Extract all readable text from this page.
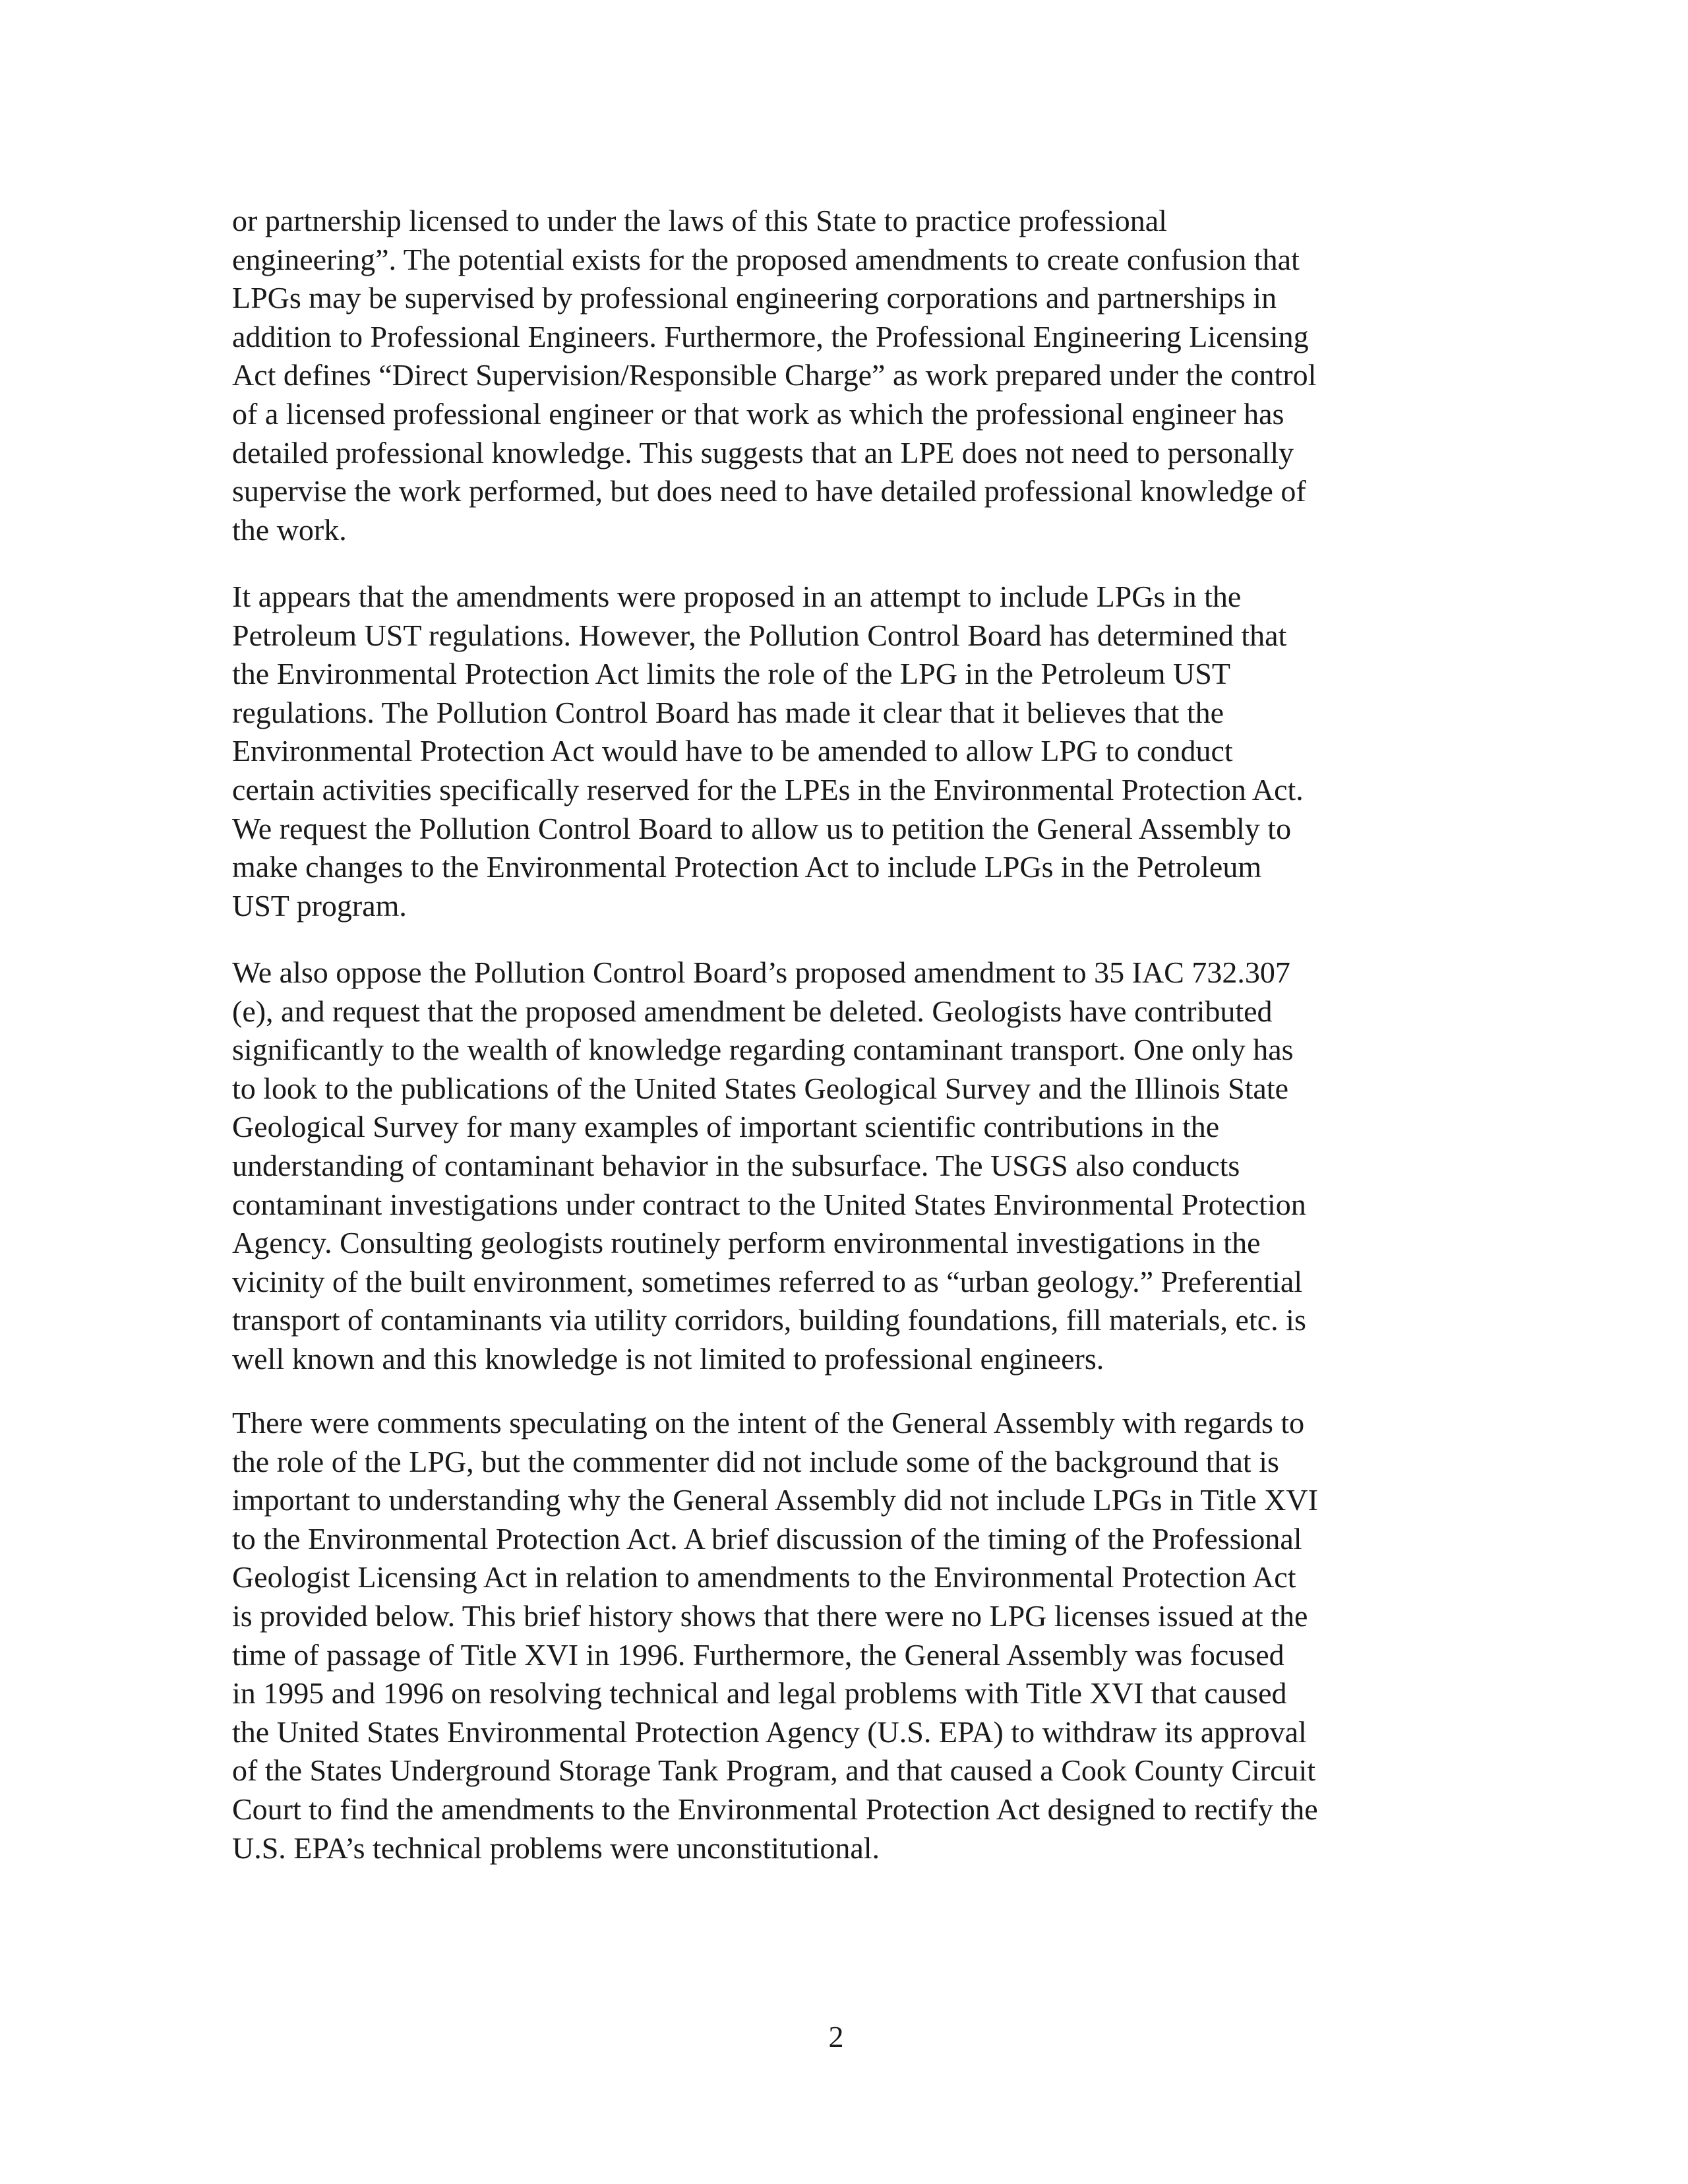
or partnership licensed to under the laws of this State to practice professional
engineering”. The potential exists for the proposed amendments to create confusion that
LPGs may be supervised by professional engineering corporations and partnerships in
addition to Professional Engineers. Furthermore, the Professional Engineering Licensing
Act defines “Direct Supervision/Responsible Charge” as work prepared under the control
of a licensed professional engineer or that work as which the professional engineer has
detailed professional knowledge. This suggests that an LPE does not need to personally
supervise the work performed, but does need to have detailed professional knowledge of
the work.
It appears that the amendments were proposed in an attempt to include LPGs in the
Petroleum UST regulations. However, the Pollution Control Board has determined that
the Environmental Protection Act limits the role of the LPG in the Petroleum UST
regulations. The Pollution Control Board has made it clear that it believes that the
Environmental Protection Act would have to be amended to allow LPG to conduct
certain activities specifically reserved for the LPEs in the Environmental Protection Act.
We request the Pollution Control Board to allow us to petition the General Assembly to
make changes to the Environmental Protection Act to include LPGs in the Petroleum
UST program.
We also oppose the Pollution Control Board’s proposed amendment to 35 IAC 732.307
(e), and request that the proposed amendment be deleted. Geologists have contributed
significantly to the wealth of knowledge regarding contaminant transport. One only has
to look to the publications of the United States Geological Survey and the Illinois State
Geological Survey for many examples of important scientific contributions in the
understanding of contaminant behavior in the subsurface. The USGS also conducts
contaminant investigations under contract to the United States Environmental Protection
Agency. Consulting geologists routinely perform environmental investigations in the
vicinity of the built environment, sometimes referred to as “urban geology.” Preferential
transport of contaminants via utility corridors, building foundations, fill materials, etc. is
well known and this knowledge is not limited to professional engineers.
There were comments speculating on the intent of the General Assembly with regards to
the role of the LPG, but the commenter did not include some of the background that is
important to understanding why the General Assembly did not include LPGs in Title XVI
to the Environmental Protection Act. A brief discussion of the timing of the Professional
Geologist Licensing Act in relation to amendments to the Environmental Protection Act
is provided below. This brief history shows that there were no LPG licenses issued at the
time of passage of Title XVI in 1996. Furthermore, the General Assembly was focused
in 1995 and 1996 on resolving technical and legal problems with Title XVI that caused
the United States Environmental Protection Agency (U.S. EPA) to withdraw its approval
of the States Underground Storage Tank Program, and that caused a Cook County Circuit
Court to find the amendments to the Environmental Protection Act designed to rectify the
U.S. EPA’s technical problems were unconstitutional.
2
